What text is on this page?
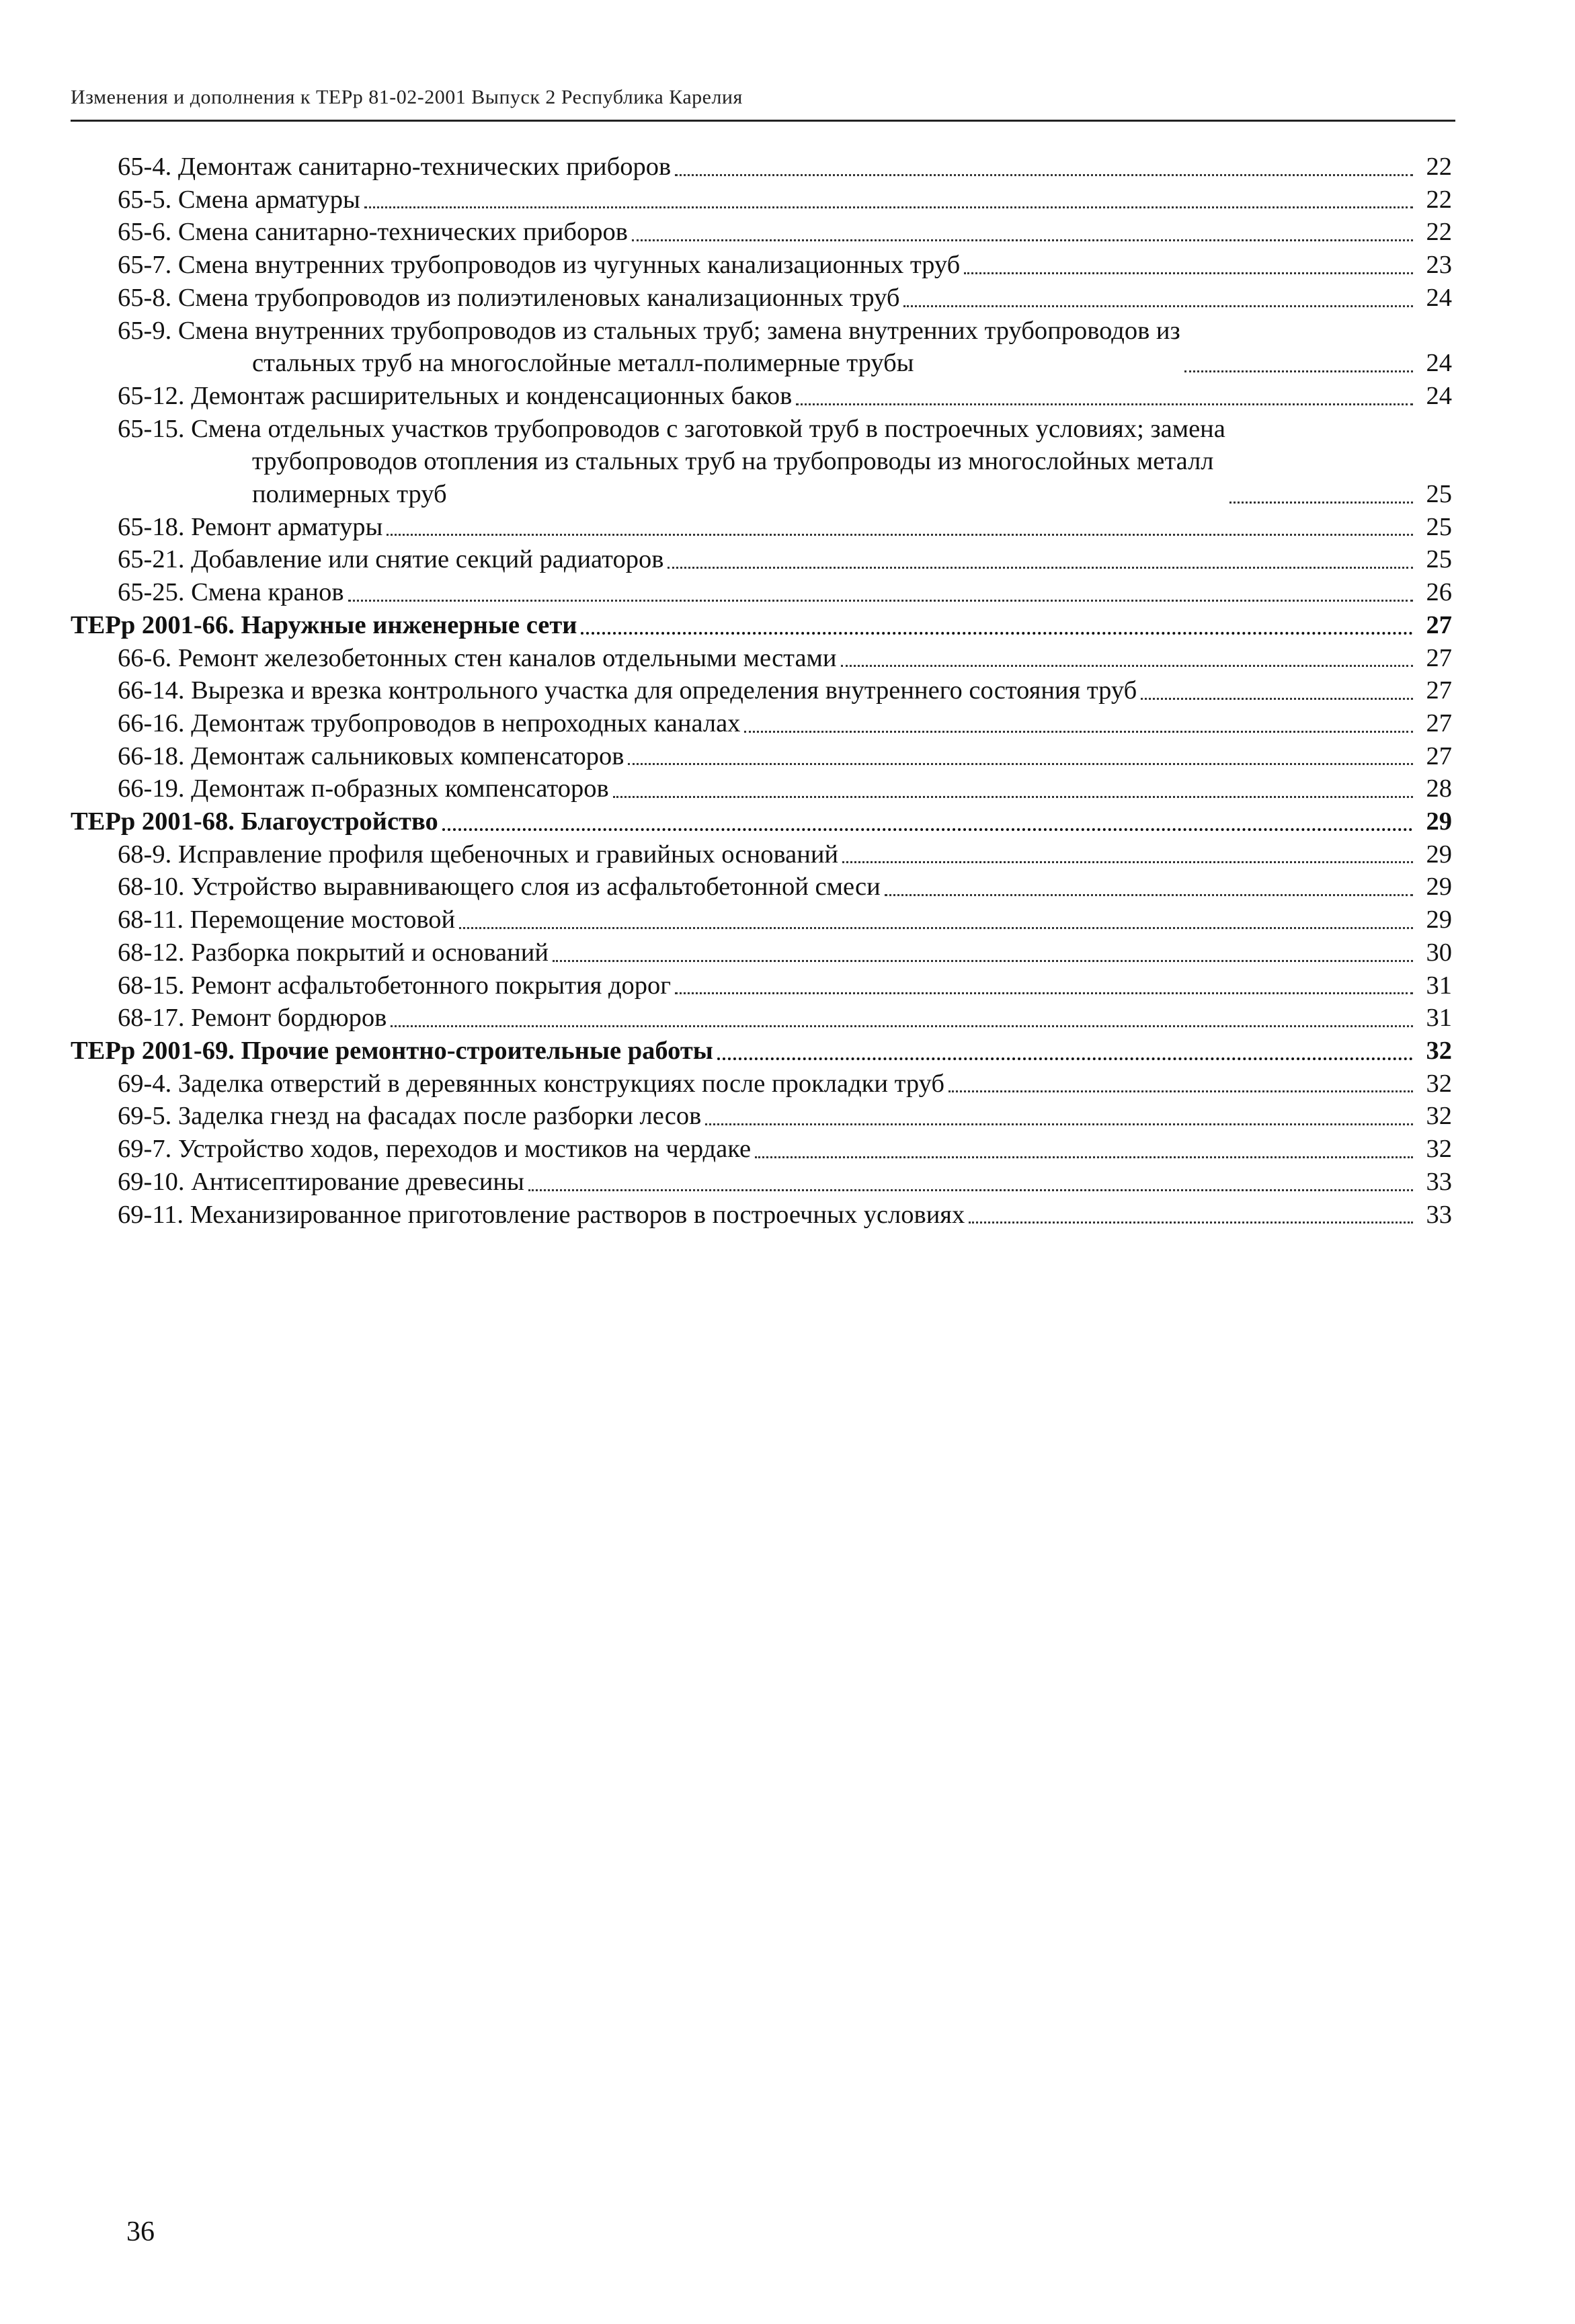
Изменения и дополнения к ТЕРр 81-02-2001 Выпуск 2 Республика Карелия
65-4. Демонтаж санитарно-технических приборов	22
65-5. Смена арматуры	22
65-6. Смена санитарно-технических приборов	22
65-7. Смена внутренних трубопроводов из чугунных канализационных труб	23
65-8. Смена трубопроводов из полиэтиленовых канализационных труб	24
65-9. Смена внутренних трубопроводов из стальных труб; замена внутренних трубопроводов из
стальных труб на многослойные металл-полимерные трубы	24
65-12. Демонтаж расширительных и конденсационных баков	24
65-15. Смена отдельных участков трубопроводов с заготовкой труб в построечных условиях; замена
трубопроводов отопления из стальных труб на трубопроводы из многослойных металл
полимерных труб	25
65-18. Ремонт арматуры	25
65-21. Добавление или снятие секций радиаторов	25
65-25. Смена кранов	26
ТЕРр 2001-66. Наружные инженерные сети	27
66-6. Ремонт железобетонных стен каналов отдельными местами	27
66-14. Вырезка и врезка контрольного участка для определения внутреннего состояния труб	27
66-16. Демонтаж трубопроводов в непроходных каналах	27
66-18. Демонтаж сальниковых компенсаторов	27
66-19. Демонтаж п-образных компенсаторов	28
ТЕРр 2001-68. Благоустройство	29
68-9. Исправление профиля щебеночных и гравийных оснований	29
68-10. Устройство выравнивающего слоя из асфальтобетонной смеси	29
68-11. Перемощение мостовой	29
68-12. Разборка покрытий и оснований	30
68-15. Ремонт асфальтобетонного покрытия дорог	31
68-17. Ремонт бордюров	31
ТЕРр 2001-69. Прочие ремонтно-строительные работы	32
69-4. Заделка отверстий в деревянных конструкциях после прокладки труб	32
69-5. Заделка гнезд на фасадах после разборки лесов	32
69-7. Устройство ходов, переходов и мостиков на чердаке	32
69-10. Антисептирование древесины	33
69-11. Механизированное приготовление растворов в построечных условиях	33
36
